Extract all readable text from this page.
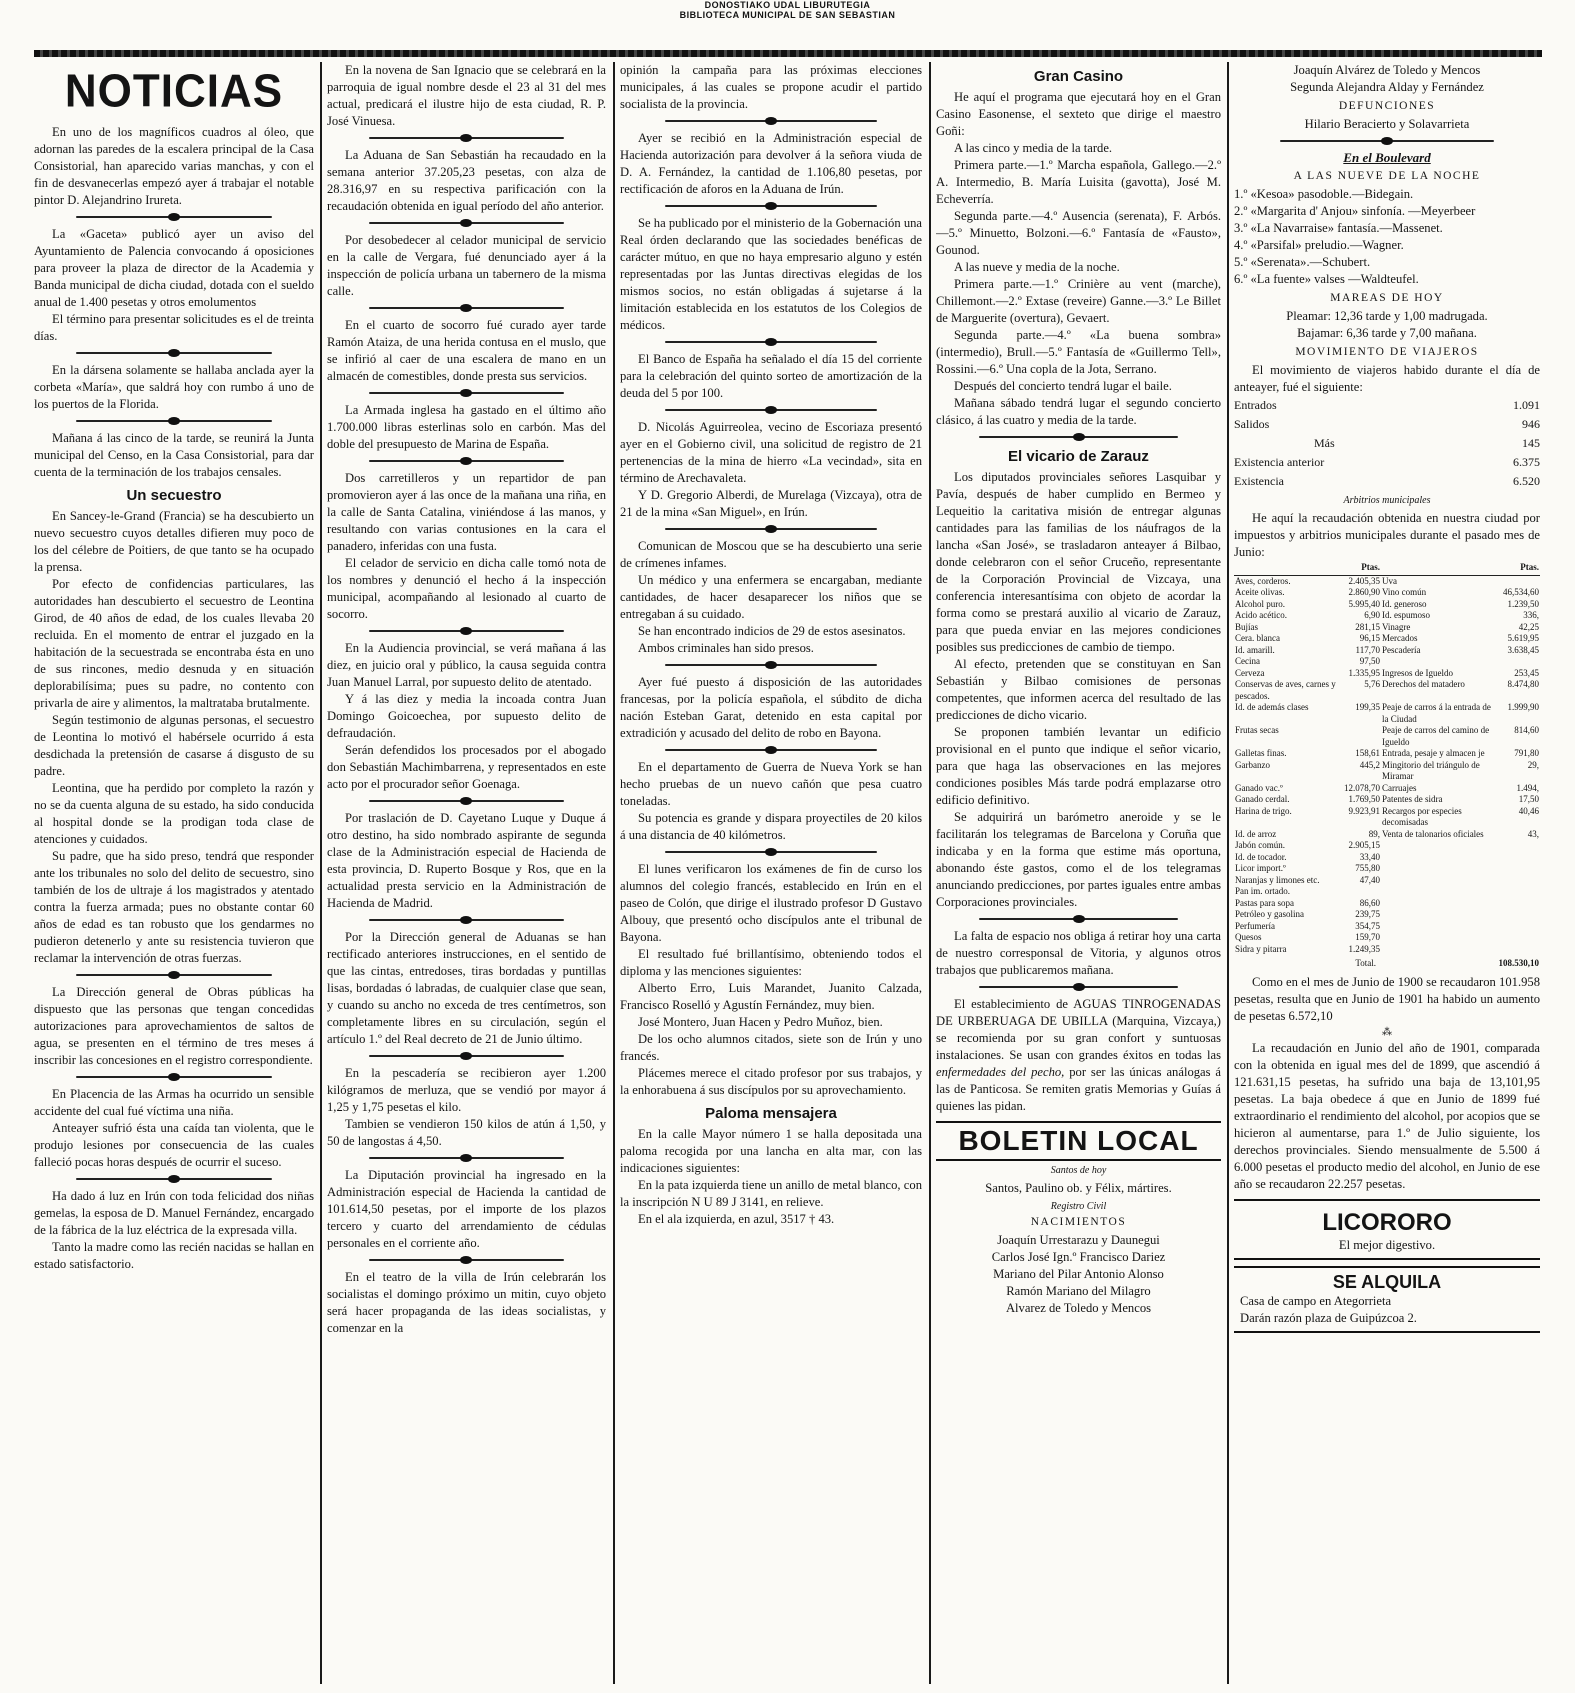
DONOSTIAKO UDAL LIBURUTEGIA
BIBLIOTECA MUNICIPAL DE SAN SEBASTIAN
NOTICIAS

En uno de los magníficos cuadros al óleo, que adornan las paredes de la escalera principal de la Casa Consistorial, han aparecido varias manchas, y con el fin de desvanecerlas empezó ayer á trabajar el notable pintor D. Alejandrino Irureta.

La «Gaceta» publicó ayer un aviso del Ayuntamiento de Palencia convocando á oposiciones para proveer la plaza de director de la Academia y Banda municipal de dicha ciudad, dotada con el sueldo anual de 1.400 pesetas y otros emolumentos

El término para presentar solicitudes es el de treinta días.

En la dársena solamente se hallaba anclada ayer la corbeta «María», que saldrá hoy con rumbo á uno de los puertos de la Florida.

Mañana á las cinco de la tarde, se reunirá la Junta municipal del Censo, en la Casa Consistorial, para dar cuenta de la terminación de los trabajos censales.

Un secuestro

En Sancey-le-Grand (Francia) se ha descubierto un nuevo secuestro cuyos detalles difieren muy poco de los del célebre de Poitiers, de que tanto se ha ocupado la prensa.

Por efecto de confidencias particulares, las autoridades han descubierto el secuestro de Leontina Girod, de 40 años de edad, de los cuales llevaba 20 recluida. En el momento de entrar el juzgado en la habitación de la secuestrada se encontraba ésta en uno de sus rincones, medio desnuda y en situación deplorabilísima; pues su padre, no contento con privarla de aire y alimentos, la maltrataba brutalmente.

Según testimonio de algunas personas, el secuestro de Leontina lo motivó el habérsele ocurrido á esta desdichada la pretensión de casarse á disgusto de su padre.

Leontina, que ha perdido por completo la razón y no se da cuenta alguna de su estado, ha sido conducida al hospital donde se la prodigan toda clase de atenciones y cuidados.

Su padre, que ha sido preso, tendrá que responder ante los tribunales no solo del delito de secuestro, sino también de los de ultraje á los magistrados y atentado contra la fuerza armada; pues no obstante contar 60 años de edad es tan robusto que los gendarmes no pudieron detenerlo y ante su resistencia tuvieron que reclamar la intervención de otras fuerzas.

La Dirección general de Obras públicas ha dispuesto que las personas que tengan concedidas autorizaciones para aprovechamientos de saltos de agua, se presenten en el término de tres meses á inscribir las concesiones en el registro correspondiente.

En Placencia de las Armas ha ocurrido un sensible accidente del cual fué víctima una niña.

Anteayer sufrió ésta una caída tan violenta, que le produjo lesiones por consecuencia de las cuales falleció pocas horas después de ocurrir el suceso.

Ha dado á luz en Irún con toda felicidad dos niñas gemelas, la esposa de D. Manuel Fernández, encargado de la fábrica de la luz eléctrica de la expresada villa.

Tanto la madre como las recién nacidas se hallan en estado satisfactorio.

En la novena de San Ignacio que se celebrará en la parroquia de igual nombre desde el 23 al 31 del mes actual, predicará el ilustre hijo de esta ciudad, R. P. José Vinuesa.

La Aduana de San Sebastián ha recaudado en la semana anterior 37.205,23 pesetas, con alza de 28.316,97 en su respectiva parificación con la recaudación obtenida en igual período del año anterior.

Por desobedecer al celador municipal de servicio en la calle de Vergara, fué denunciado ayer á la inspección de policía urbana un tabernero de la misma calle.

En el cuarto de socorro fué curado ayer tarde Ramón Ataiza, de una herida contusa en el muslo, que se infirió al caer de una escalera de mano en un almacén de comestibles, donde presta sus servicios.

La Armada inglesa ha gastado en el último año 1.700.000 libras esterlinas solo en carbón. Mas del doble del presupuesto de Marina de España.

Dos carretilleros y un repartidor de pan promovieron ayer á las once de la mañana una riña, en la calle de Santa Catalina, viniéndose á las manos, y resultando con varias contusiones en la cara el panadero, inferidas con una fusta.

El celador de servicio en dicha calle tomó nota de los nombres y denunció el hecho á la inspección municipal, acompañando al lesionado al cuarto de socorro.

En la Audiencia provincial, se verá mañana á las diez, en juicio oral y público, la causa seguida contra Juan Manuel Larral, por supuesto delito de atentado.

Y á las diez y media la incoada contra Juan Domingo Goicoechea, por supuesto delito de defraudación.

Serán defendidos los procesados por el abogado don Sebastián Machimbarrena, y representados en este acto por el procurador señor Goenaga.

Por traslación de D. Cayetano Luque y Duque á otro destino, ha sido nombrado aspirante de segunda clase de la Administración especial de Hacienda de esta provincia, D. Ruperto Bosque y Ros, que en la actualidad presta servicio en la Administración de Hacienda de Madrid.

Por la Dirección general de Aduanas se han rectificado anteriores instrucciones, en el sentido de que las cintas, entredoses, tiras bordadas y puntillas lisas, bordadas ó labradas, de cualquier clase que sean, y cuando su ancho no exceda de tres centímetros, son completamente libres en su circulación, según el artículo 1.º del Real decreto de 21 de Junio último.

En la pescadería se recibieron ayer 1.200 kilógramos de merluza, que se vendió por mayor á 1,25 y 1,75 pesetas el kilo.

Tambien se vendieron 150 kilos de atún á 1,50, y 50 de langostas á 4,50.

La Diputación provincial ha ingresado en la Administración especial de Hacienda la cantidad de 101.614,50 pesetas, por el importe de los plazos tercero y cuarto del arrendamiento de cédulas personales en el corriente año.

En el teatro de la villa de Irún celebrarán los socialistas el domingo próximo un mitin, cuyo objeto será hacer propaganda de las ideas socialistas, y comenzar en la

opinión la campaña para las próximas elecciones municipales, á las cuales se propone acudir el partido socialista de la provincia.

Ayer se recibió en la Administración especial de Hacienda autorización para devolver á la señora viuda de D. A. Fernández, la cantidad de 1.106,80 pesetas, por rectificación de aforos en la Aduana de Irún.

Se ha publicado por el ministerio de la Gobernación una Real órden declarando que las sociedades benéficas de carácter mútuo, en que no haya empresario alguno y estén representadas por las Juntas directivas elegidas de los mismos socios, no están obligadas á sujetarse á la limitación establecida en los estatutos de los Colegios de médicos.

El Banco de España ha señalado el día 15 del corriente para la celebración del quinto sorteo de amortización de la deuda del 5 por 100.

D. Nicolás Aguirreolea, vecino de Escoriaza presentó ayer en el Gobierno civil, una solicitud de registro de 21 pertenencias de la mina de hierro «La vecindad», sita en término de Arechavaleta.

Y D. Gregorio Alberdi, de Murelaga (Vizcaya), otra de 21 de la mina «San Miguel», en Irún.

Comunican de Moscou que se ha descubierto una serie de crímenes infames.

Un médico y una enfermera se encargaban, mediante cantidades, de hacer desaparecer los niños que se entregaban á su cuidado.

Se han encontrado indicios de 29 de estos asesinatos.

Ambos criminales han sido presos.

Ayer fué puesto á disposición de las autoridades francesas, por la policía española, el súbdito de dicha nación Esteban Garat, detenido en esta capital por extradición y acusado del delito de robo en Bayona.

En el departamento de Guerra de Nueva York se han hecho pruebas de un nuevo cañón que pesa cuatro toneladas.

Su potencia es grande y dispara proyectiles de 20 kilos á una distancia de 40 kilómetros.

El lunes verificaron los exámenes de fin de curso los alumnos del colegio francés, establecido en Irún en el paseo de Colón, que dirige el ilustrado profesor D Gustavo Albouy, que presentó ocho discípulos ante el tribunal de Bayona.

El resultado fué brillantísimo, obteniendo todos el diploma y las menciones siguientes:

Alberto Erro, Luis Marandet, Juanito Calzada, Francisco Roselló y Agustín Fernández, muy bien.

José Montero, Juan Hacen y Pedro Muñoz, bien.

De los ocho alumnos citados, siete son de Irún y uno francés.

Plácemes merece el citado profesor por sus trabajos, y la enhorabuena á sus discípulos por su aprovechamiento.

Paloma mensajera

En la calle Mayor número 1 se halla depositada una paloma recogida por una lancha en alta mar, con las indicaciones siguientes:

En la pata izquierda tiene un anillo de metal blanco, con la inscripción N U 89 J 3141, en relieve.

En el ala izquierda, en azul, 3517 † 43.

Gran Casino

He aquí el programa que ejecutará hoy en el Gran Casino Easonense, el sexteto que dirige el maestro Goñi:

A las cinco y media de la tarde.

Primera parte.—1.º Marcha española, Gallego.—2.º A. Intermedio, B. María Luisita (gavotta), José M. Echeverría.

Segunda parte.—4.º Ausencia (serenata), F. Arbós.—5.º Minuetto, Bolzoni.—6.º Fantasía de «Fausto», Gounod.

A las nueve y media de la noche.

Primera parte.—1.º Crinière au vent (marche), Chillemont.—2.º Extase (reveire) Ganne.—3.º Le Billet de Marguerite (overtura), Gevaert.

Segunda parte.—4.º «La buena sombra» (intermedio), Brull.—5.º Fantasía de «Guillermo Tell», Rossini.—6.º Una copla de la Jota, Serrano.

Después del concierto tendrá lugar el baile.

Mañana sábado tendrá lugar el segundo concierto clásico, á las cuatro y media de la tarde.

El vicario de Zarauz

Los diputados provinciales señores Lasquibar y Pavía, después de haber cumplido en Bermeo y Lequeitio la caritativa misión de entregar algunas cantidades para las familias de los náufragos de la lancha «San José», se trasladaron anteayer á Bilbao, donde celebraron con el señor Cruceño, representante de la Corporación Provincial de Vizcaya, una conferencia interesantísima con objeto de acordar la forma como se prestará auxilio al vicario de Zarauz, para que pueda enviar en las mejores condiciones posibles sus predicciones de cambio de tiempo.

Al efecto, pretenden que se constituyan en San Sebastián y Bilbao comisiones de personas competentes, que informen acerca del resultado de las predicciones de dicho vicario.

Se proponen también levantar un edificio provisional en el punto que indique el señor vicario, para que haga las observaciones en las mejores condiciones posibles Más tarde podrá emplazarse otro edificio definitivo.

Se adquirirá un barómetro aneroide y se le facilitarán los telegramas de Barcelona y Coruña que indicaba y en la forma que estime más oportuna, abonando éste gastos, como el de los telegramas anunciando predicciones, por partes iguales entre ambas Corporaciones provinciales.

La falta de espacio nos obliga á retirar hoy una carta de nuestro corresponsal de Vitoria, y algunos otros trabajos que publicaremos mañana.

El establecimiento de AGUAS TINROGENADAS DE URBERUAGA DE UBILLA (Marquina, Vizcaya,) se recomienda por su gran confort y suntuosas instalaciones. Se usan con grandes éxitos en todas las enfermedades del pecho, por ser las únicas análogas á las de Panticosa. Se remiten gratis Memorias y Guías á quienes las pidan.

BOLETIN LOCAL
Santos de hoy

Santos, Paulino ob. y Félix, mártires.

Registro Civil
NACIMIENTOS

Joaquín Urrestarazu y Daunegui

Carlos José Ign.º Francisco Dariez

Mariano del Pilar Antonio Alonso

Ramón Mariano del Milagro

Alvarez de Toledo y Mencos

Joaquín Alvárez de Toledo y Mencos

Segunda Alejandra Alday y Fernández

DEFUNCIONES

Hilario Beracierto y Solavarrieta

En el Boulevard
A LAS NUEVE DE LA NOCHE

1.º «Kesoa» pasodoble.—Bidegain.

2.º «Margarita d' Anjou» sinfonía. —Meyerbeer

3.º «La Navarraise» fantasía.—Massenet.

4.º «Parsifal» preludio.—Wagner.

5.º «Serenata».—Schubert.

6.º «La fuente» valses —Waldteufel.

MAREAS DE HOY

Pleamar: 12,36 tarde y 1,00 madrugada.

Bajamar: 6,36 tarde y 7,00 mañana.

MOVIMIENTO DE VIAJEROS

El movimiento de viajeros habido durante el día de anteayer, fué el siguiente:

Entrados	1.091
Salidos	946
Más	145
Existencia anterior	6.375
Existencia	6.520
Arbitrios municipales

He aquí la recaudación obtenida en nuestra ciudad por impuestos y arbitrios municipales durante el pasado mes de Junio:

	Ptas.		Ptas.
Aves, corderos.	2.405,35	Uva	
Aceite olivas.	2.860,90	Vino común	46,534,60
Alcohol puro.	5.995,40	Id. generoso	1.239,50
Acido acético.	6,90	Id. espumoso	336,
Bujías	281,15	Vinagre	42,25
Cera. blanca	96,15	Mercados	5.619,95
Id. amarill.	117,70	Pescadería	3.638,45
Cecina	97,50		
Cerveza	1.335,95	Ingresos de Igueldo	253,45
Conservas de aves, carnes y pescados.	5,76	Derechos del matadero	8.474,80
Id. de además clases	199,35	Peaje de carros á la entrada de la Ciudad	1.999,90
Frutas secas		Peaje de carros del camino de Igueldo	814,60
Galletas finas.	158,61	Entrada, pesaje y almacen je	791,80
Garbanzo	445,2	Mingitorio del triángulo de Miramar	29,
Ganado vac.º	12.078,70	Carruajes	1.494,
Ganado cerdal.	1.769,50	Patentes de sidra	17,50
Harina de trigo.	9.923,91	Recargos por especies decomisadas	40,46
Id. de arroz	89,	Venta de talonarios oficiales	43,
Jabón común.	2.905,15		
Id. de tocador.	33,40		
Licor import.º	755,80		
Naranjas y limones etc.	47,40		
Pan im. ortado.			
Pastas para sopa	86,60		
Petróleo y gasolina	239,75		
Perfumería	354,75		
Quesos	159,70		
Sidra y pitarra	1.249,35		
Total.			108.530,10

Como en el mes de Junio de 1900 se recaudaron 101.958 pesetas, resulta que en Junio de 1901 ha habido un aumento de pesetas 6.572,10

⁂

La recaudación en Junio del año de 1901, comparada con la obtenida en igual mes del de 1899, que ascendió á 121.631,15 pesetas, ha sufrido una baja de 13,101,95 pesetas. La baja obedece á que en Junio de 1899 fué extraordinario el rendimiento del alcohol, por acopios que se hicieron al aumentarse, para 1.º de Julio siguiente, los derechos provinciales. Siendo mensualmente de 5.500 á 6.000 pesetas el producto medio del alcohol, en Junio de ese año se recaudaron 22.257 pesetas.

LICORORO

El mejor digestivo.

SE ALQUILA

Casa de campo en Ategorrieta

Darán razón plaza de Guipúzcoa 2.
